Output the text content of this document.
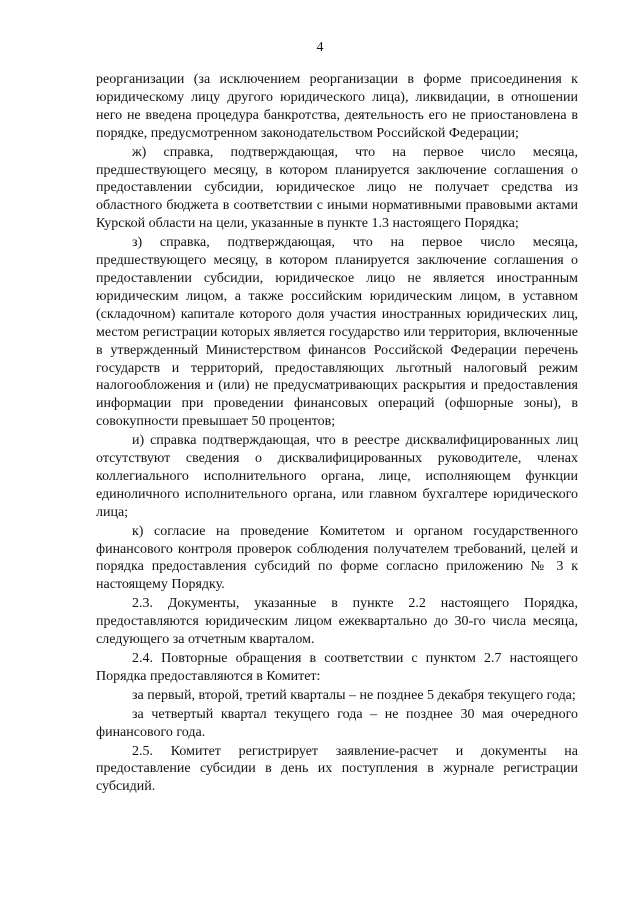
4

реорганизации (за исключением реорганизации в форме присоединения к юридическому лицу другого юридического лица), ликвидации, в отношении него не введена процедура банкротства, деятельность его не приостановлена в порядке, предусмотренном законодательством Российской Федерации;

ж) справка, подтверждающая, что на первое число месяца, предшествующего месяцу, в котором планируется заключение соглашения о предоставлении субсидии, юридическое лицо не получает средства из областного бюджета в соответствии с иными нормативными правовыми актами Курской области на цели, указанные в пункте 1.3 настоящего Порядка;

з) справка, подтверждающая, что на первое число месяца, предшествующего месяцу, в котором планируется заключение соглашения о предоставлении субсидии, юридическое лицо не является иностранным юридическим лицом, а также российским юридическим лицом, в уставном (складочном) капитале которого доля участия иностранных юридических лиц, местом регистрации которых является государство или территория, включенные в утвержденный Министерством финансов Российской Федерации перечень государств и территорий, предоставляющих льготный налоговый режим налогообложения и (или) не предусматривающих раскрытия и предоставления информации при проведении финансовых операций (офшорные зоны), в совокупности превышает 50 процентов;

и) справка подтверждающая, что в реестре дисквалифицированных лиц отсутствуют сведения о дисквалифицированных руководителе, членах коллегиального исполнительного органа, лице, исполняющем функции единоличного исполнительного органа, или главном бухгалтере юридического лица;

к) согласие на проведение Комитетом и органом государственного финансового контроля проверок соблюдения получателем требований, целей и порядка предоставления субсидий по форме согласно приложению № 3 к настоящему Порядку.

2.3. Документы, указанные в пункте 2.2 настоящего Порядка, предоставляются юридическим лицом ежеквартально до 30-го числа месяца, следующего за отчетным кварталом.

2.4. Повторные обращения в соответствии с пунктом 2.7 настоящего Порядка предоставляются в Комитет:

за первый, второй, третий кварталы – не позднее 5 декабря текущего года;

за четвертый квартал текущего года – не позднее 30 мая очередного финансового года.

2.5. Комитет регистрирует заявление-расчет и документы на предоставление субсидии в день их поступления в журнале регистрации субсидий.
